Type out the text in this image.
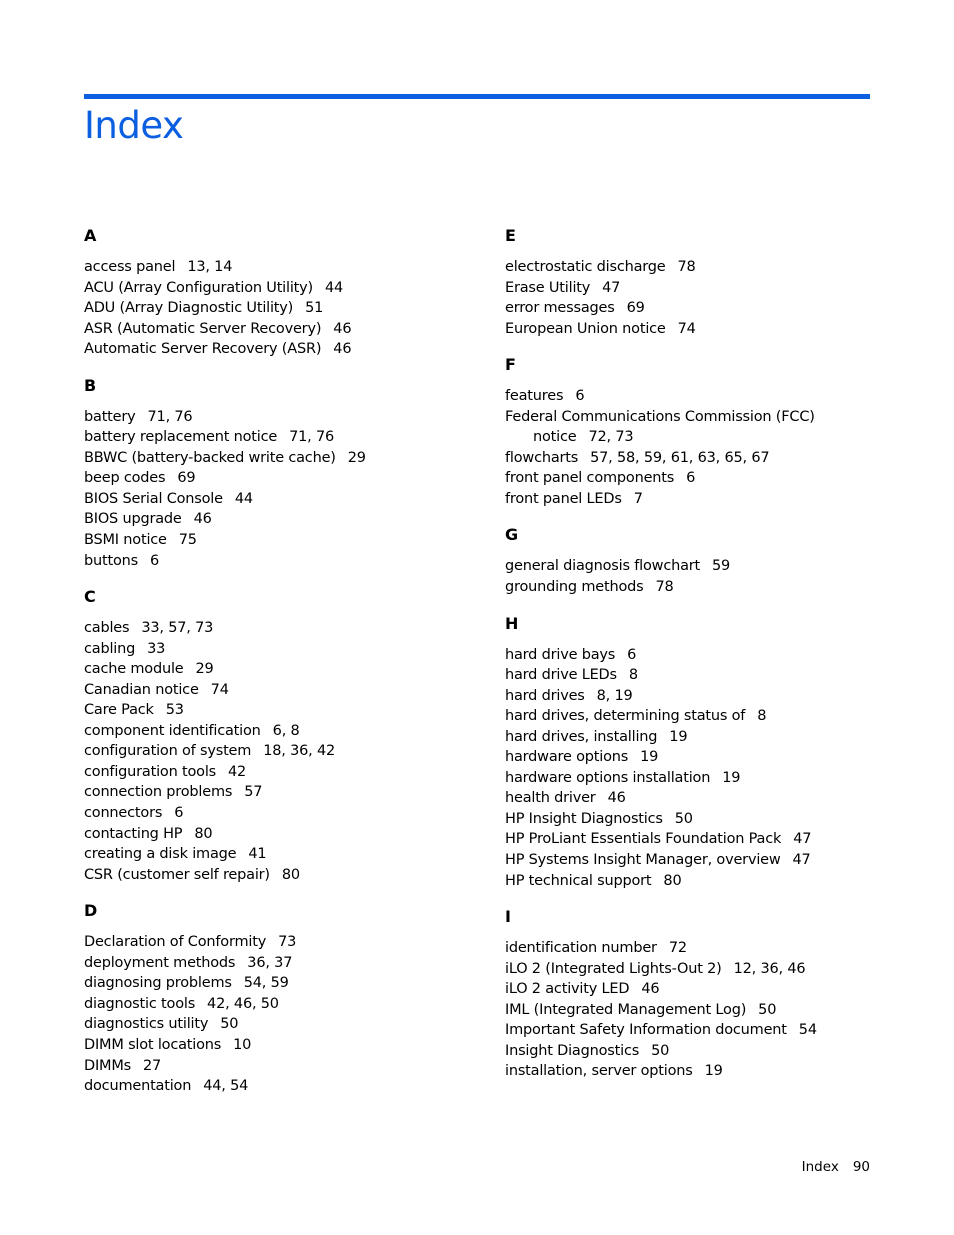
Index
A
access panel 13, 14
ACU (Array Configuration Utility) 44
ADU (Array Diagnostic Utility) 51
ASR (Automatic Server Recovery) 46
Automatic Server Recovery (ASR) 46
B
battery 71, 76
battery replacement notice 71, 76
BBWC (battery-backed write cache) 29
beep codes 69
BIOS Serial Console 44
BIOS upgrade 46
BSMI notice 75
buttons 6
C
cables 33, 57, 73
cabling 33
cache module 29
Canadian notice 74
Care Pack 53
component identification 6, 8
configuration of system 18, 36, 42
configuration tools 42
connection problems 57
connectors 6
contacting HP 80
creating a disk image 41
CSR (customer self repair) 80
D
Declaration of Conformity 73
deployment methods 36, 37
diagnosing problems 54, 59
diagnostic tools 42, 46, 50
diagnostics utility 50
DIMM slot locations 10
DIMMs 27
documentation 44, 54
E
electrostatic discharge 78
Erase Utility 47
error messages 69
European Union notice 74
F
features 6
Federal Communications Commission (FCC)
notice 72, 73
flowcharts 57, 58, 59, 61, 63, 65, 67
front panel components 6
front panel LEDs 7
G
general diagnosis flowchart 59
grounding methods 78
H
hard drive bays 6
hard drive LEDs 8
hard drives 8, 19
hard drives, determining status of 8
hard drives, installing 19
hardware options 19
hardware options installation 19
health driver 46
HP Insight Diagnostics 50
HP ProLiant Essentials Foundation Pack 47
HP Systems Insight Manager, overview 47
HP technical support 80
I
identification number 72
iLO 2 (Integrated Lights-Out 2) 12, 36, 46
iLO 2 activity LED 46
IML (Integrated Management Log) 50
Important Safety Information document 54
Insight Diagnostics 50
installation, server options 19
Index 90
